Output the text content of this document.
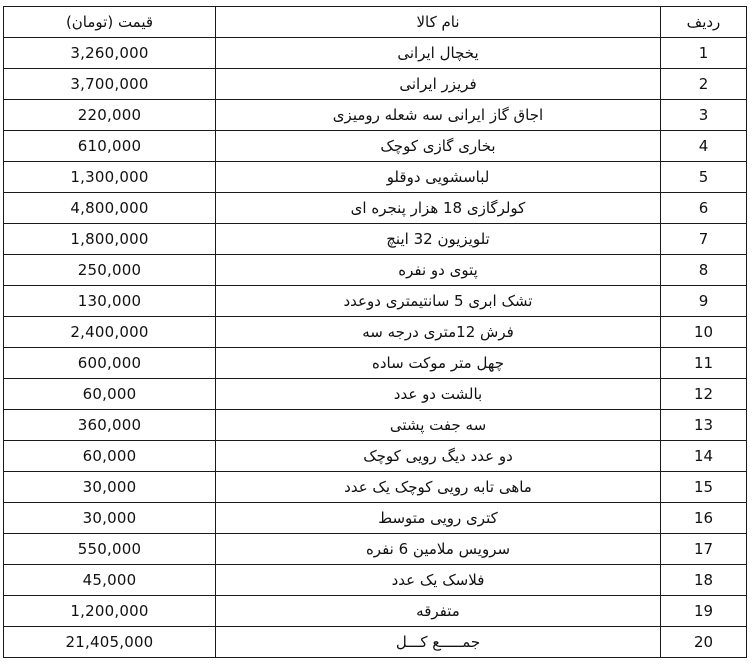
قیمت (تومان)	نام کالا	ردیف
3,260,000	یخچال ایرانی	1
3,700,000	فریزر ایرانی	2
220,000	اجاق گاز ایرانی سه شعله رومیزی	3
610,000	بخاری گازی کوچک	4
1,300,000	لباسشویی دوقلو	5
4,800,000	کولرگازی 18 هزار پنجره ای	6
1,800,000	تلویزیون 32 اینچ	7
250,000	پتوی دو نفره	8
130,000	تشک ابری 5 سانتیمتری دوعدد	9
2,400,000	فرش 12متری درجه سه	10
600,000	چهل متر موکت ساده	11
60,000	بالشت دو عدد	12
360,000	سه جفت پشتی	13
60,000	دو عدد دیگ رویی کوچک	14
30,000	ماهی تابه رویی کوچک یک عدد	15
30,000	کتری رویی متوسط	16
550,000	سرویس ملامین 6 نفره	17
45,000	فلاسک یک عدد	18
1,200,000	متفرقه	19
21,405,000	جمـــــع کـــل	20
